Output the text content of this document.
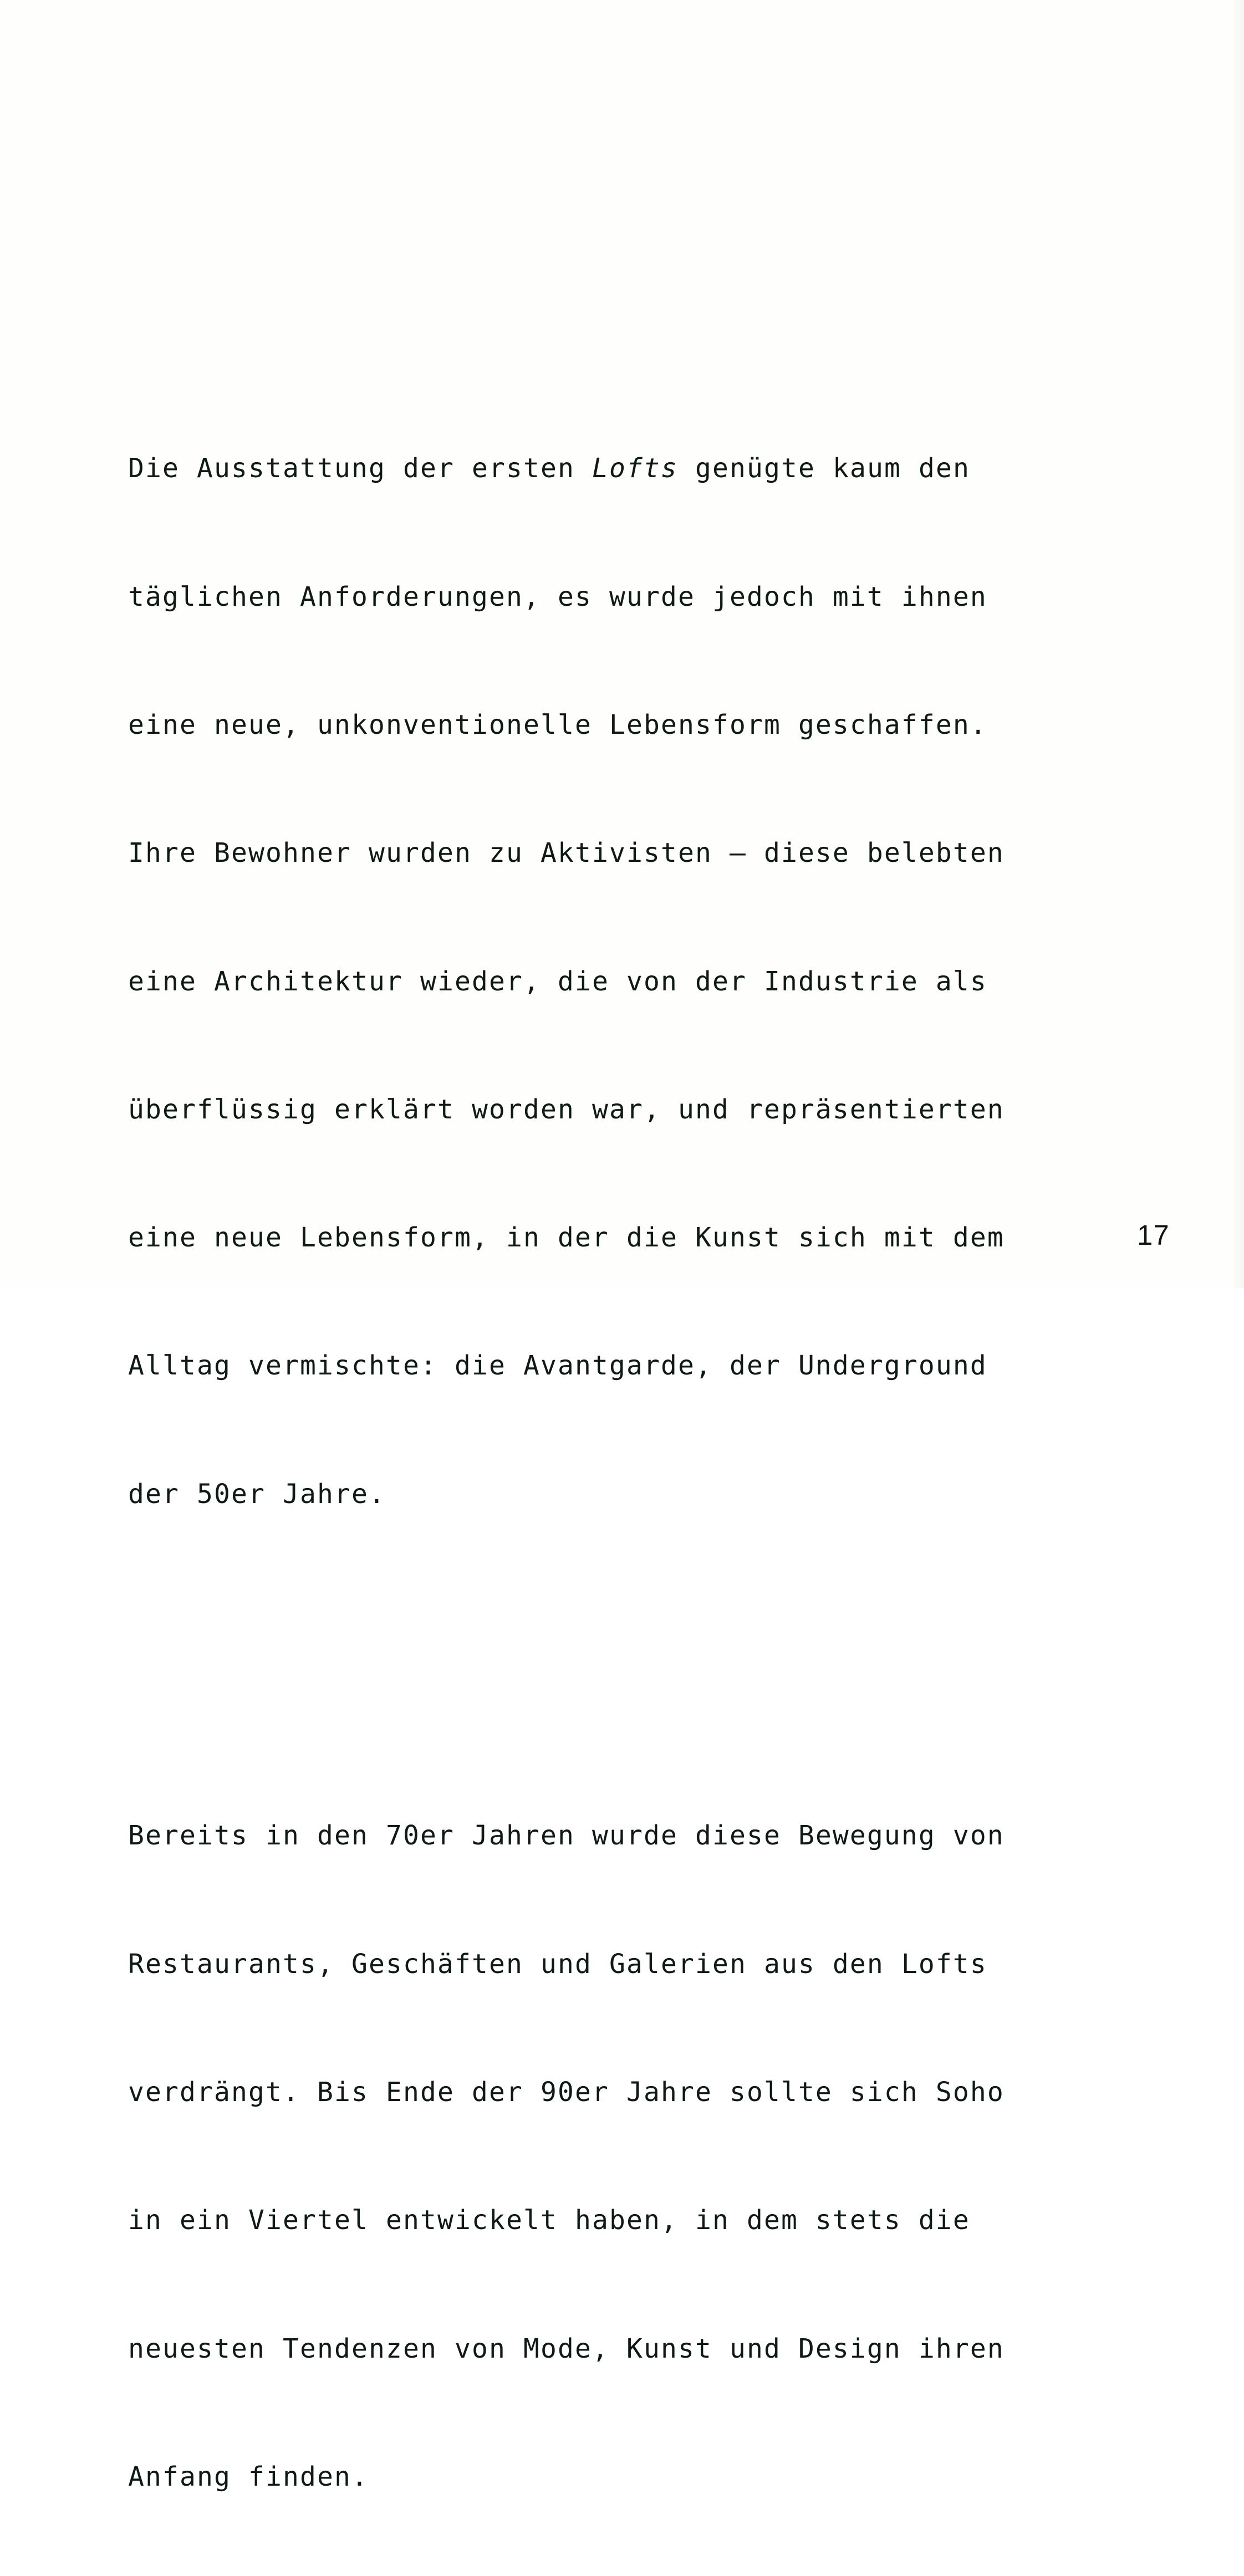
Die Ausstattung der ersten Lofts genügte kaum den

täglichen Anforderungen, es wurde jedoch mit ihnen

eine neue, unkonventionelle Lebensform geschaffen.

Ihre Bewohner wurden zu Aktivisten – diese belebten

eine Architektur wieder, die von der Industrie als

überflüssig erklärt worden war, und repräsentierten

eine neue Lebensform, in der die Kunst sich mit dem

Alltag vermischte: die Avantgarde, der Underground

der 50er Jahre.

Bereits in den 70er Jahren wurde diese Bewegung von

Restaurants, Geschäften und Galerien aus den Lofts

verdrängt. Bis Ende der 90er Jahre sollte sich Soho

in ein Viertel entwickelt haben, in dem stets die

neuesten Tendenzen von Mode, Kunst und Design ihren

Anfang finden.

17
